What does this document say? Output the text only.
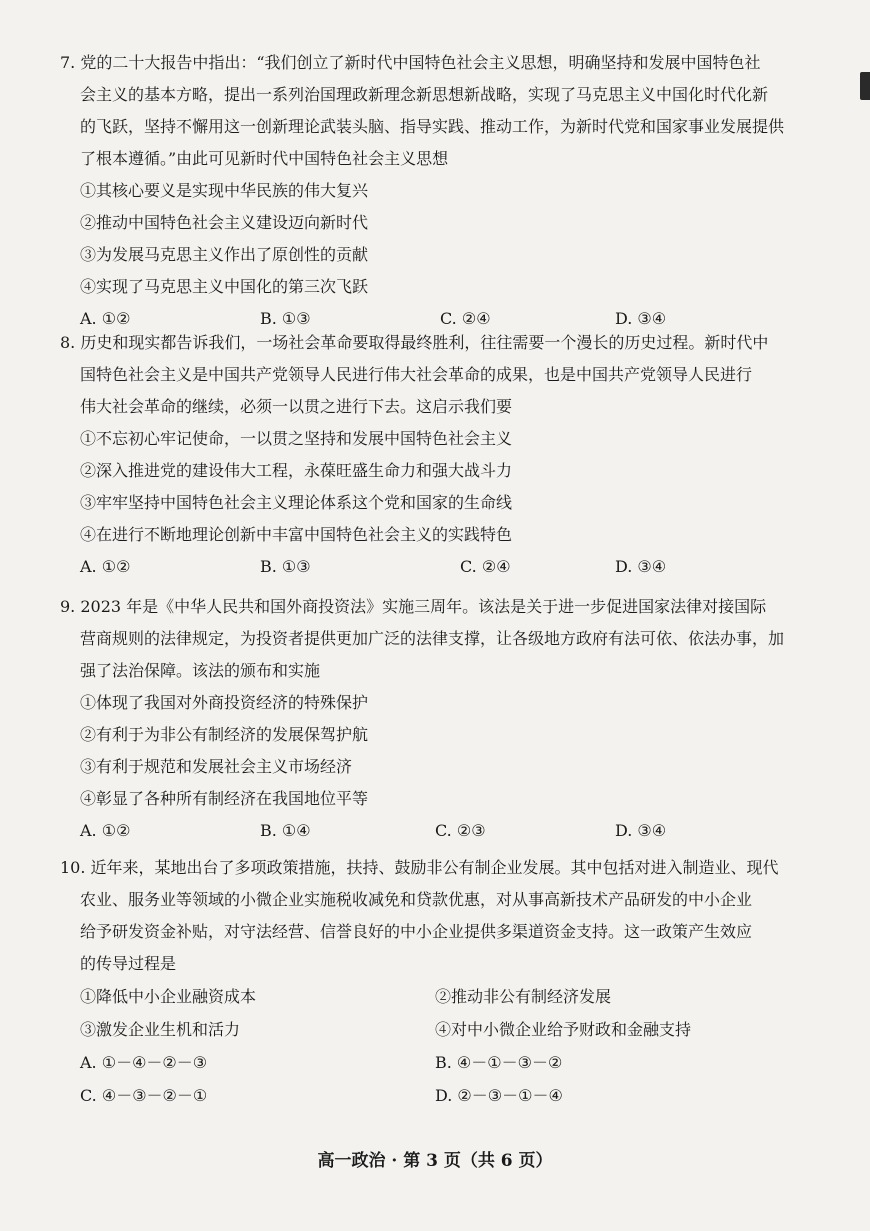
7. 党的二十大报告中指出：“我们创立了新时代中国特色社会主义思想，明确坚持和发展中国特色社
会主义的基本方略，提出一系列治国理政新理念新思想新战略，实现了马克思主义中国化时代化新
的飞跃，坚持不懈用这一创新理论武装头脑、指导实践、推动工作，为新时代党和国家事业发展提供
了根本遵循。”由此可见新时代中国特色社会主义思想
①其核心要义是实现中华民族的伟大复兴
②推动中国特色社会主义建设迈向新时代
③为发展马克思主义作出了原创性的贡献
④实现了马克思主义中国化的第三次飞跃
A. ①②	B. ①③	C. ②④	D. ③④
8. 历史和现实都告诉我们，一场社会革命要取得最终胜利，往往需要一个漫长的历史过程。新时代中
国特色社会主义是中国共产党领导人民进行伟大社会革命的成果，也是中国共产党领导人民进行
伟大社会革命的继续，必须一以贯之进行下去。这启示我们要
①不忘初心牢记使命，一以贯之坚持和发展中国特色社会主义
②深入推进党的建设伟大工程，永葆旺盛生命力和强大战斗力
③牢牢坚持中国特色社会主义理论体系这个党和国家的生命线
④在进行不断地理论创新中丰富中国特色社会主义的实践特色
A. ①②	B. ①③	C. ②④	D. ③④
9. 2023 年是《中华人民共和国外商投资法》实施三周年。该法是关于进一步促进国家法律对接国际
营商规则的法律规定，为投资者提供更加广泛的法律支撑，让各级地方政府有法可依、依法办事，加
强了法治保障。该法的颁布和实施
①体现了我国对外商投资经济的特殊保护
②有利于为非公有制经济的发展保驾护航
③有利于规范和发展社会主义市场经济
④彰显了各种所有制经济在我国地位平等
A. ①②	B. ①④	C. ②③	D. ③④
10. 近年来，某地出台了多项政策措施，扶持、鼓励非公有制企业发展。其中包括对进入制造业、现代
农业、服务业等领域的小微企业实施税收减免和贷款优惠，对从事高新技术产品研发的中小企业
给予研发资金补贴，对守法经营、信誉良好的中小企业提供多渠道资金支持。这一政策产生效应
的传导过程是
①降低中小企业融资成本	②推动非公有制经济发展
③激发企业生机和活力	④对中小微企业给予财政和金融支持
A. ①－④－②－③	B. ④－①－③－②
C. ④－③－②－①	D. ②－③－①－④
高一政治 · 第 3 页（共 6 页）
